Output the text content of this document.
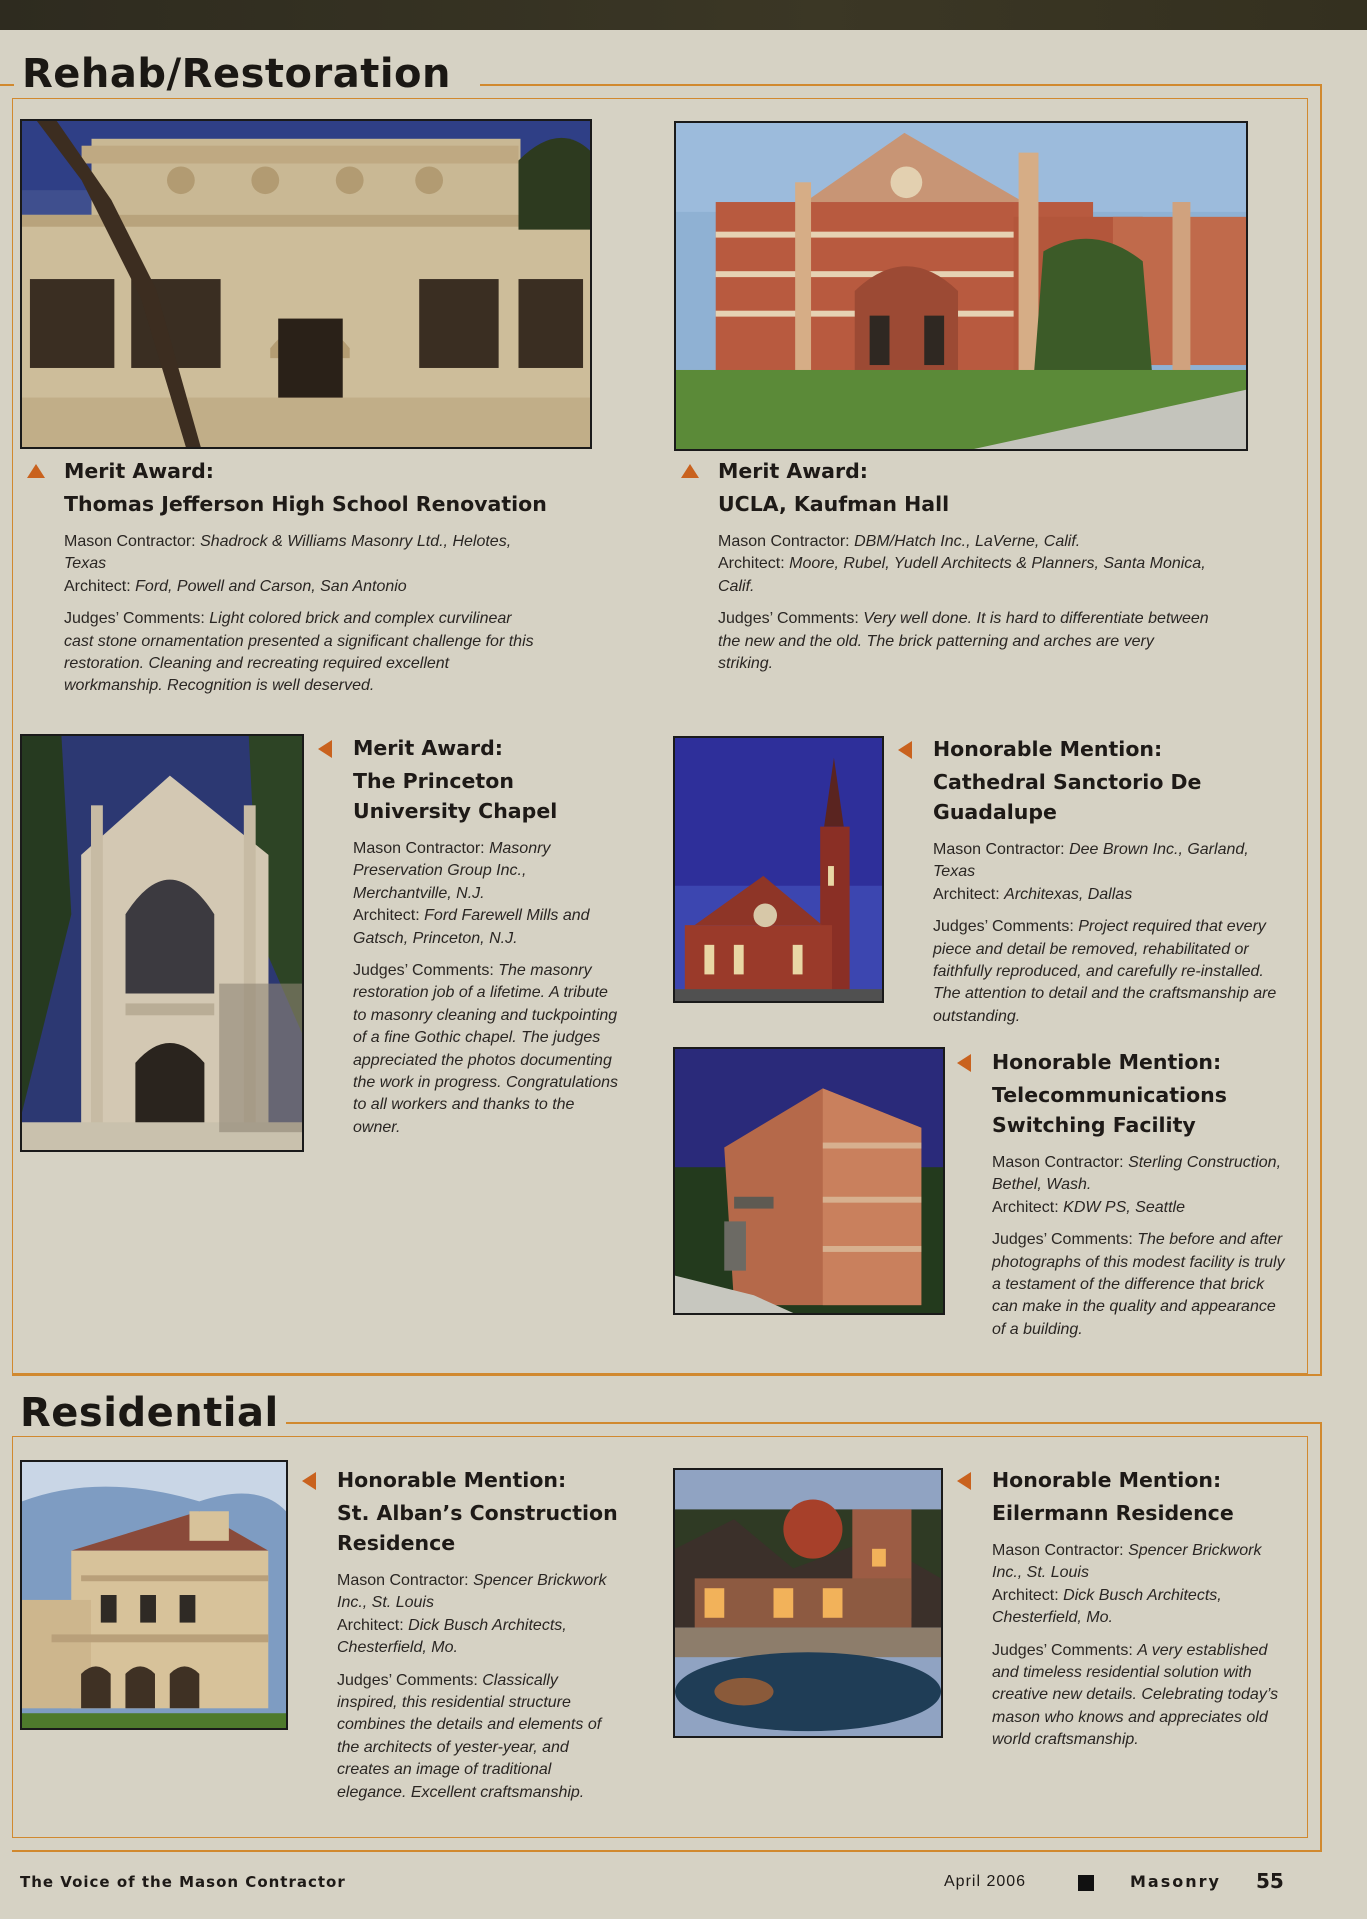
Rehab/Restoration
Merit Award:
Thomas Jefferson High School Renovation

Mason Contractor: Shadrock & Williams Masonry Ltd., Helotes, Texas

Architect: Ford, Powell and Carson, San Antonio

Judges’ Comments: Light colored brick and complex curvilinear cast stone ornamentation presented a significant challenge for this restoration. Cleaning and recreating required excellent workmanship. Recognition is well deserved.

Merit Award:
UCLA, Kaufman Hall

Mason Contractor: DBM/Hatch Inc., LaVerne, Calif.

Architect: Moore, Rubel, Yudell Architects & Planners, Santa Monica, Calif.

Judges’ Comments: Very well done. It is hard to differentiate between the new and the old. The brick patterning and arches are very striking.

Merit Award:
The Princeton University Chapel

Mason Contractor: Masonry Preservation Group Inc., Merchantville, N.J.

Architect: Ford Farewell Mills and Gatsch, Princeton, N.J.

Judges’ Comments: The masonry restoration job of a lifetime. A tribute to masonry cleaning and tuckpointing of a fine Gothic chapel. The judges appreciated the photos documenting the work in progress. Congratulations to all workers and thanks to the owner.

Honorable Mention:
Cathedral Sanctorio De Guadalupe

Mason Contractor: Dee Brown Inc., Garland, Texas

Architect: Architexas, Dallas

Judges’ Comments: Project required that every piece and detail be removed, rehabilitated or faithfully reproduced, and carefully re-installed. The attention to detail and the craftsmanship are outstanding.

Honorable Mention:
Telecommunications Switching Facility

Mason Contractor: Sterling Construction, Bethel, Wash.

Architect: KDW PS, Seattle

Judges’ Comments: The before and after photographs of this modest facility is truly a testament of the difference that brick can make in the quality and appearance of a building.

Residential
Honorable Mention:
St. Alban’s Construction Residence

Mason Contractor: Spencer Brickwork Inc., St. Louis

Architect: Dick Busch Architects, Chesterfield, Mo.

Judges’ Comments: Classically inspired, this residential structure combines the details and elements of the architects of yester-year, and creates an image of traditional elegance. Excellent craftsmanship.

Honorable Mention:
Eilermann Residence

Mason Contractor: Spencer Brickwork Inc., St. Louis

Architect: Dick Busch Architects, Chesterfield, Mo.

Judges’ Comments: A very established and timeless residential solution with creative new details. Celebrating today’s mason who knows and appreciates old world craftsmanship.

The Voice of the Mason Contractor	April 2006	Masonry 55
